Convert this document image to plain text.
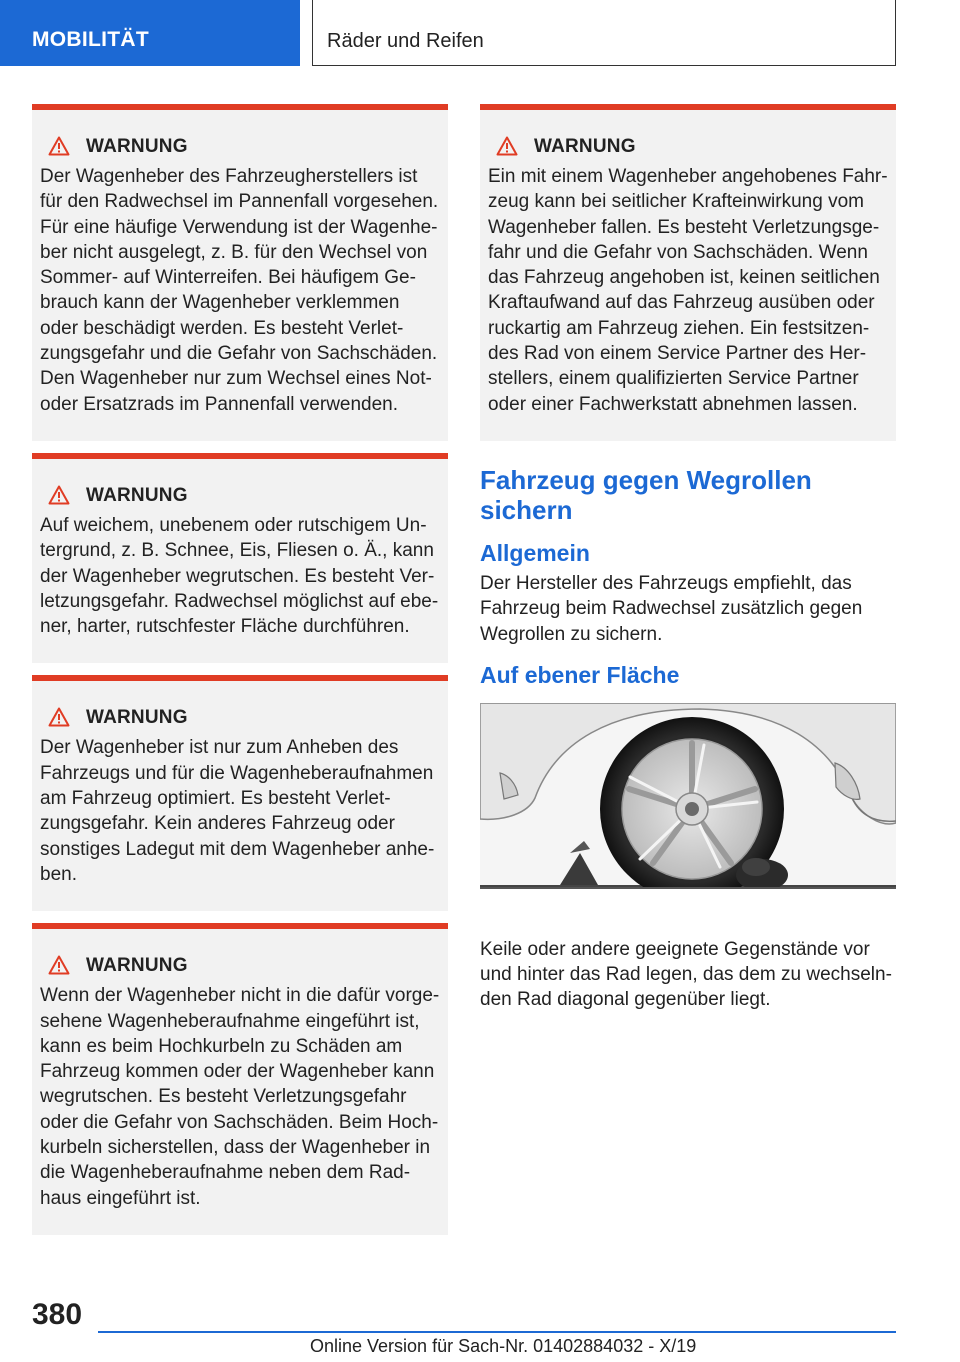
MOBILITÄT	Räder und Reifen
WARNUNG
Der Wagenheber des Fahrzeugherstellers ist
für den Radwechsel im Pannenfall vorgesehen.
Für eine häufige Verwendung ist der Wagenhe‐
ber nicht ausgelegt, z. B. für den Wechsel von
Sommer- auf Winterreifen. Bei häufigem Ge‐
brauch kann der Wagenheber verklemmen
oder beschädigt werden. Es besteht Verlet‐
zungsgefahr und die Gefahr von Sachschäden.
Den Wagenheber nur zum Wechsel eines Not-
oder Ersatzrads im Pannenfall verwenden.
WARNUNG
Auf weichem, unebenem oder rutschigem Un‐
tergrund, z. B. Schnee, Eis, Fliesen o. Ä., kann
der Wagenheber wegrutschen. Es besteht Ver‐
letzungsgefahr. Radwechsel möglichst auf ebe‐
ner, harter, rutschfester Fläche durchführen.
WARNUNG
Der Wagenheber ist nur zum Anheben des
Fahrzeugs und für die Wagenheberaufnahmen
am Fahrzeug optimiert. Es besteht Verlet‐
zungsgefahr. Kein anderes Fahrzeug oder
sonstiges Ladegut mit dem Wagenheber anhe‐
ben.
WARNUNG
Wenn der Wagenheber nicht in die dafür vorge‐
sehene Wagenheberaufnahme eingeführt ist,
kann es beim Hochkurbeln zu Schäden am
Fahrzeug kommen oder der Wagenheber kann
wegrutschen. Es besteht Verletzungsgefahr
oder die Gefahr von Sachschäden. Beim Hoch‐
kurbeln sicherstellen, dass der Wagenheber in
die Wagenheberaufnahme neben dem Rad‐
haus eingeführt ist.
WARNUNG
Ein mit einem Wagenheber angehobenes Fahr‐
zeug kann bei seitlicher Krafteinwirkung vom
Wagenheber fallen. Es besteht Verletzungsge‐
fahr und die Gefahr von Sachschäden. Wenn
das Fahrzeug angehoben ist, keinen seitlichen
Kraftaufwand auf das Fahrzeug ausüben oder
ruckartig am Fahrzeug ziehen. Ein festsitzen‐
des Rad von einem Service Partner des Her‐
stellers, einem qualifizierten Service Partner
oder einer Fachwerkstatt abnehmen lassen.
Fahrzeug gegen Wegrollen
sichern
Allgemein
Der Hersteller des Fahrzeugs empfiehlt, das
Fahrzeug beim Radwechsel zusätzlich gegen
Wegrollen zu sichern.
Auf ebener Fläche
Keile oder andere geeignete Gegenstände vor
und hinter das Rad legen, das dem zu wechseln‐
den Rad diagonal gegenüber liegt.
380
Online Version für Sach-Nr. 01402884032 - X/19
